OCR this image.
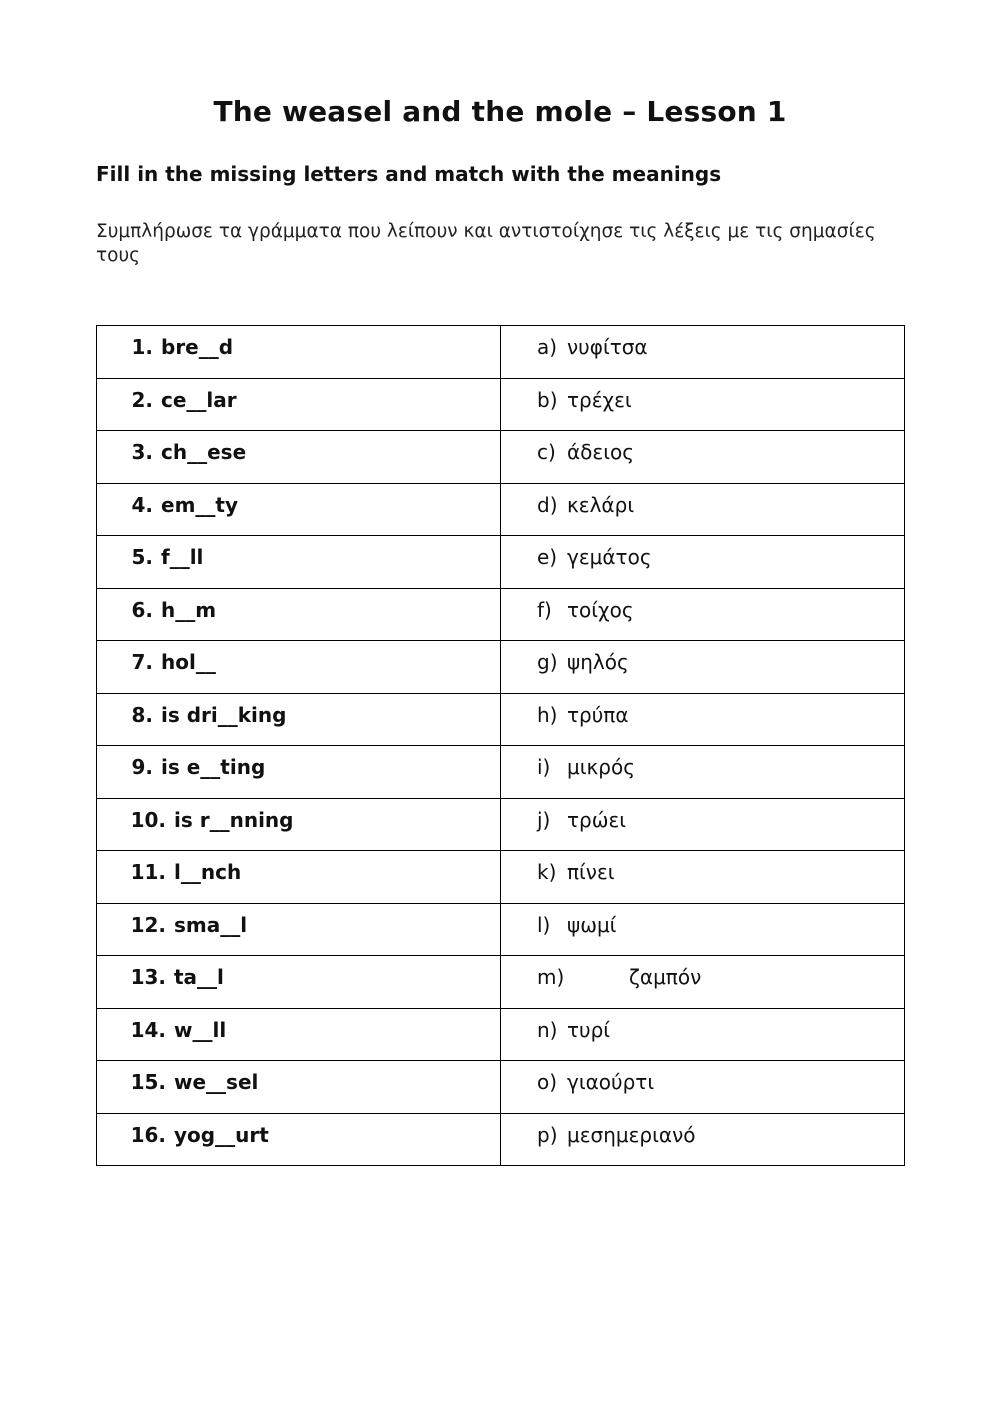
The weasel and the mole – Lesson 1
Fill in the missing letters and match with the meanings
Συμπλήρωσε τα γράμματα που λείπουν και αντιστοίχησε τις λέξεις με τις σημασίες τους
1. bre__d	a) νυφίτσα

2. ce__lar	b) τρέχει

3. ch__ese	c) άδειος

4. em__ty	d) κελάρι

5. f__ll	e) γεμάτος

6. h__m	f) τοίχος

7. hol__	g) ψηλός

8. is dri__king	h) τρύπα

9. is e__ting	i) μικρός

10. is r__nning	j) τρώει

11. l__nch	k) πίνει

12. sma__l	l) ψωμί

13. ta__l	m) ζαμπόν

14. w__ll	n) τυρί

15. we__sel	o) γιαούρτι

16. yog__urt	p) μεσημεριανό
